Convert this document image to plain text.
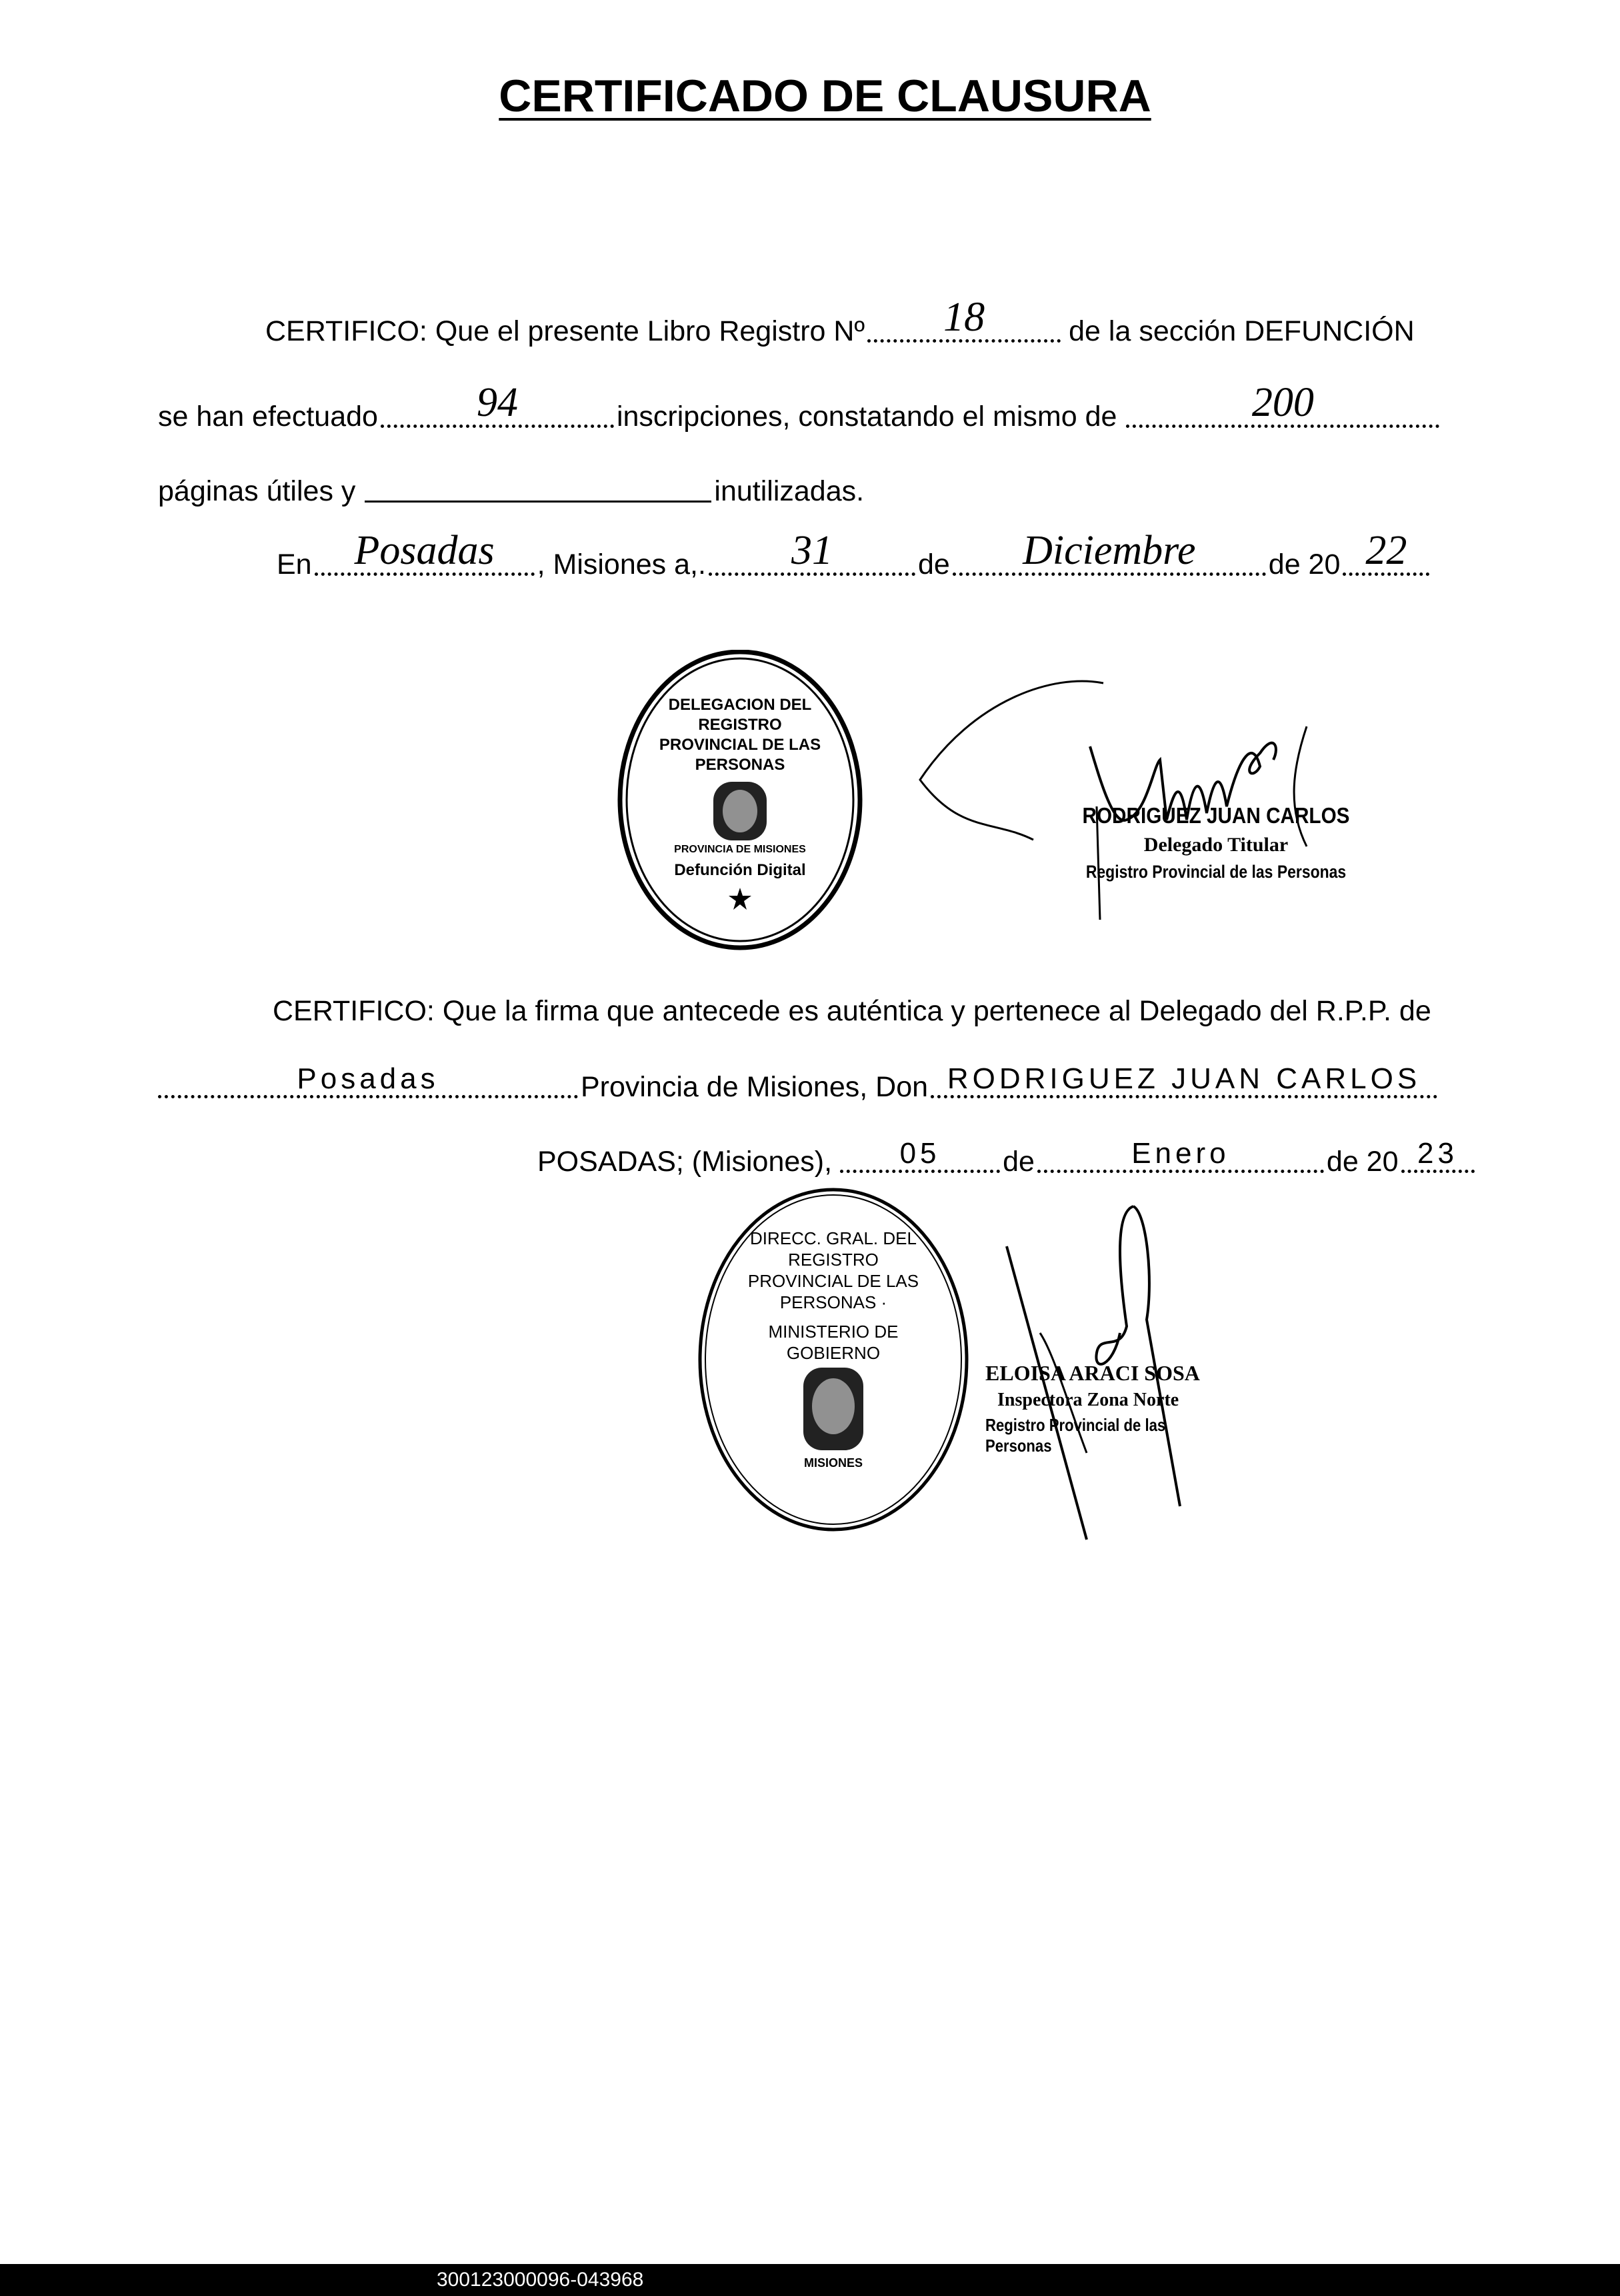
CERTIFICADO DE CLAUSURA
CERTIFICO: Que el presente Libro Registro Nº	18	de la sección DEFUNCIÓN
se han efectuado	94	inscripciones, constatando el mismo de	200
páginas útiles y	inutilizadas.
En	Posadas	, Misiones a,.	31	de	Diciembre	de 20 22
DELEGACION DEL REGISTRO PROVINCIAL DE LAS PERSONAS
PROVINCIA DE MISIONES
Defunción Digital
RODRIGUEZ JUAN CARLOS
Delegado Titular
Registro Provincial de las Personas
CERTIFICO: Que la firma que antecede es auténtica y pertenece al Delegado del R.P.P. de
Posadas	Provincia de Misiones, Don RODRIGUEZ JUAN CARLOS
POSADAS; (Misiones),	05	de	Enero	de 20 23
DIRECC. GRAL. DEL REGISTRO PROVINCIAL DE LAS PERSONAS ·
MINISTERIO DE GOBIERNO
MISIONES
ELOISA ARACI SOSA
Inspectora Zona Norte
Registro Provincial de las Personas
300123000096-043968
